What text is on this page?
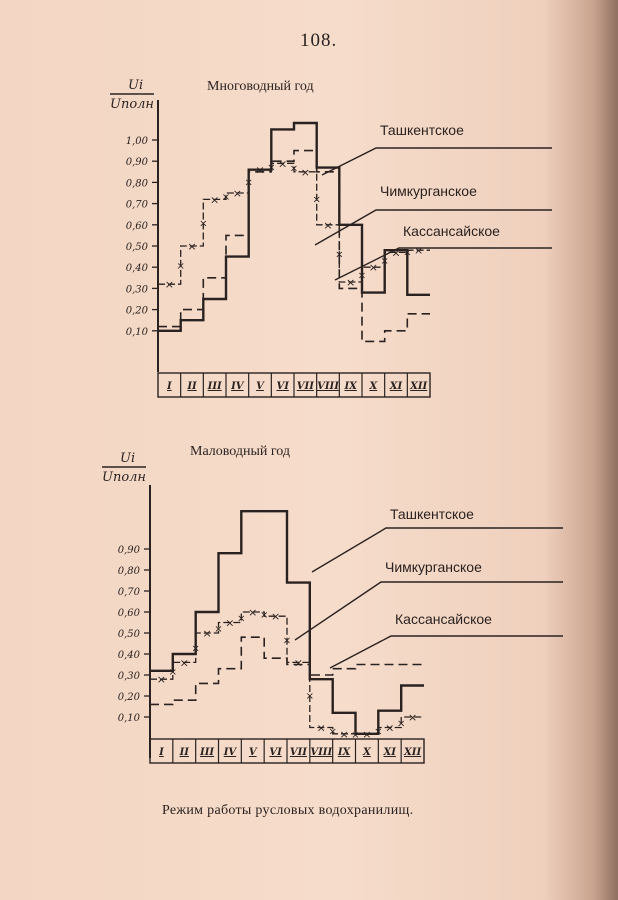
108.
Многоводный год
Маловодный год
Ui
Uполн
0,10
0,20
0,30
0,40
0,50
0,60
0,70
0,80
0,90
1,00
I II III IV V VI VII VIII IX X XI XII
×
×
×
×
×
×
×
×
×
×
× ×
×
×
×
×
×
×
×
×
×
×
×
Ташкентское
Чимкурганское
Кассансайское
Ui
Uполн
0,10
0,20
0,30
0,40
0,50
0,60
0,70
0,80
0,90
I II III IV V VI VII VIII IX X XI XII
×
×
×
×
×
×
×
×
× ×
×
×
×
×
×
×
× ×
×
×
×
×
×
Ташкентское
Чимкурганское
Кассансайское
Режим работы русловых водохранилищ.
